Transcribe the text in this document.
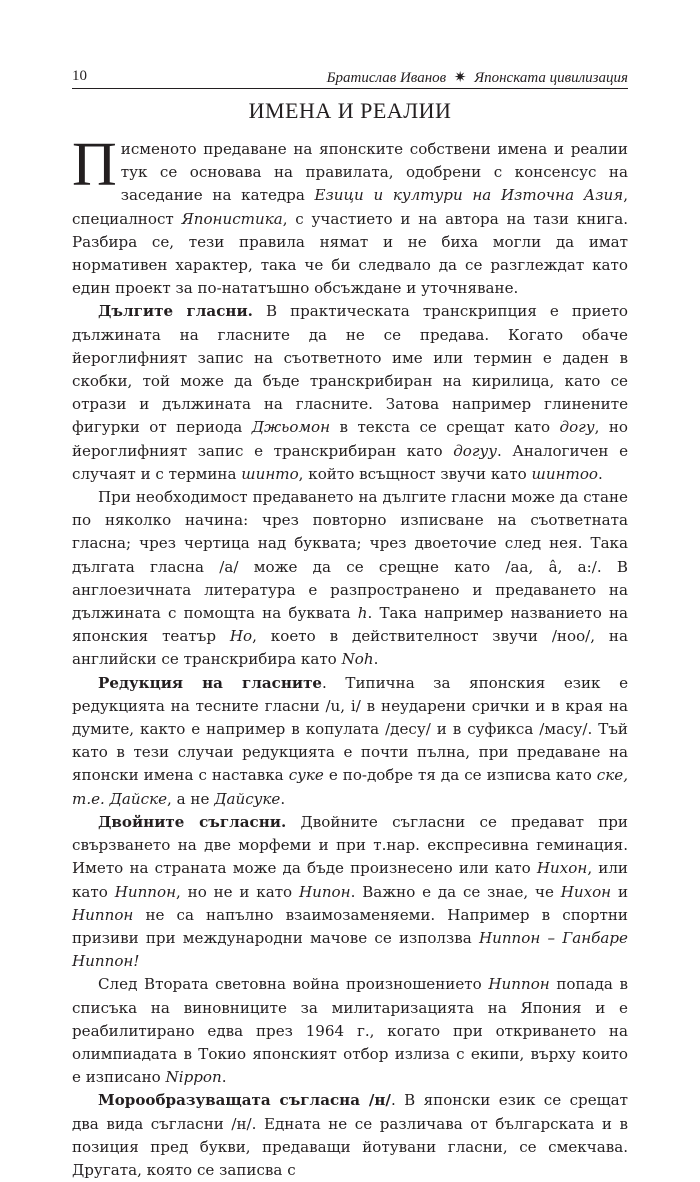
10	Братислав Иванов ✷ Японската цивилизация
ИМЕНА И РЕАЛИИ

Писменото предаване на японските собствени имена и реалии тук се основава на правилата, одобрени с консенсус на заседание на катедра Езици и култури на Източна Азия, специалност Японистика, с участието и на автора на тази книга. Разбира се, тези правила нямат и не биха могли да имат нормативен характер, така че би следвало да се разглеждат като един проект за по-нататъшно обсъждане и уточняване.

Дългите гласни. В практическата транскрипция е прието дължината на гласните да не се предава. Когато обаче йероглифният запис на съответното име или термин е даден в скобки, той може да бъде транскрибиран на кирилица, като се отрази и дължината на гласните. Затова например глинените фигурки от периода Джьомон в текста се срещат като догу, но йероглифният запис е транскрибиран като догуу. Аналогичен е случаят и с термина шинто, който всъщност звучи като шинтоо.

При необходимост предаването на дългите гласни може да стане по няколко начина: чрез повторно изписване на съответната гласна; чрез чертица над буквата; чрез двоеточие след нея. Така дългата гласна /а/ може да се срещне като /аа, â, а:/. В англоезичната литература е разпространено и предаването на дължината с помощта на буквата h. Така например названието на японския театър Но, което в действителност звучи /ноо/, на английски се транскрибира като Noh.

Редукция на гласните. Типична за японския език е редукцията на тесните гласни /u, i/ в неударени срички и в края на думите, както е например в копулата /десу/ и в суфикса /масу/. Тъй като в тези случаи редукцията е почти пълна, при предаване на японски имена с наставка суке е по-добре тя да се изписва като ске, т.е. Дайске, а не Дайсуке.

Двойните съгласни. Двойните съгласни се предават при свързването на две морфеми и при т.нар. експресивна геминация. Името на страната може да бъде произнесено или като Нихон, или като Ниппон, но не и като Нипон. Важно е да се знае, че Нихон и Ниппон не са напълно взаимозаменяеми. Например в спортни призиви при международни мачове се използва Ниппон – Ганбаре Ниппон!

След Втората световна война произношението Ниппон попада в списъка на виновниците за милитаризацията на Япония и е реабилитирано едва през 1964 г., когато при откриването на олимпиадата в Токио японският отбор излиза с екипи, върху които е изписано Nippon.

Морообразуващата съгласна /н/. В японски език се срещат два вида съгласни /н/. Едната не се различава от българската и в позиция пред букви, предаващи йотувани гласни, се смекчава. Другата, която се записва с
